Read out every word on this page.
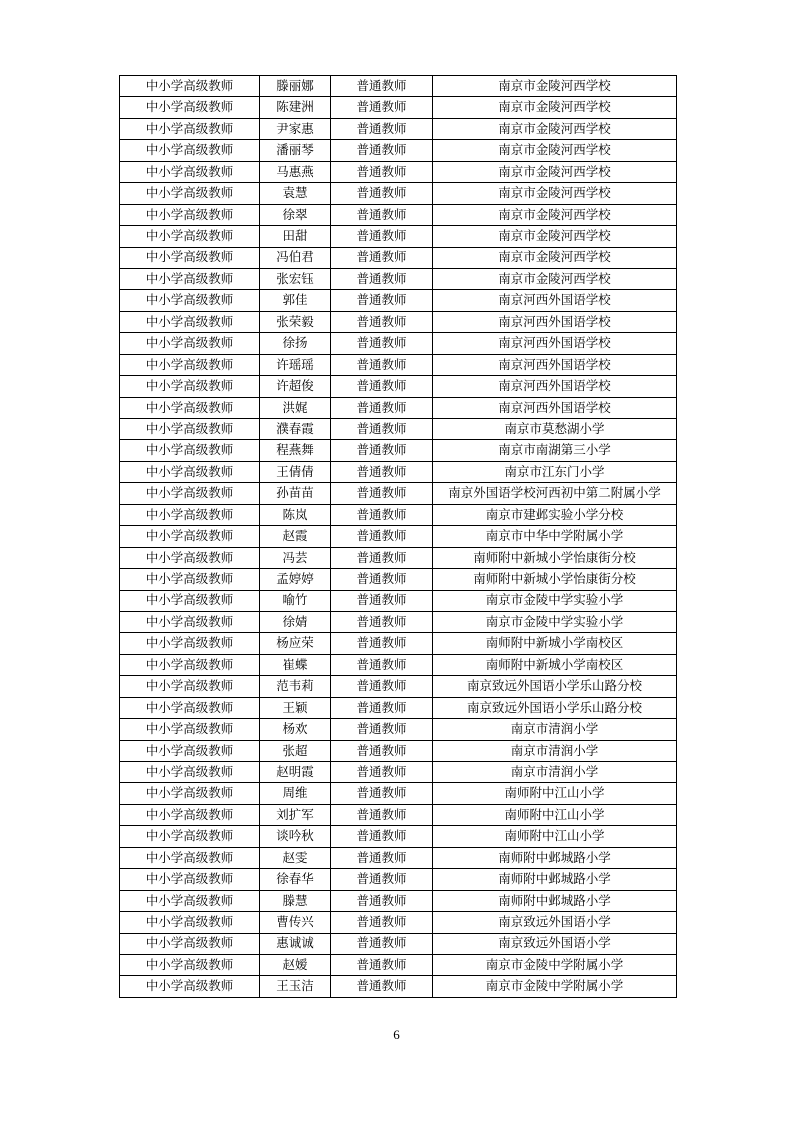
中小学高级教师	滕丽娜	普通教师	南京市金陵河西学校
中小学高级教师	陈建洲	普通教师	南京市金陵河西学校
中小学高级教师	尹家惠	普通教师	南京市金陵河西学校
中小学高级教师	潘丽琴	普通教师	南京市金陵河西学校
中小学高级教师	马惠燕	普通教师	南京市金陵河西学校
中小学高级教师	袁慧	普通教师	南京市金陵河西学校
中小学高级教师	徐翠	普通教师	南京市金陵河西学校
中小学高级教师	田甜	普通教师	南京市金陵河西学校
中小学高级教师	冯伯君	普通教师	南京市金陵河西学校
中小学高级教师	张宏钰	普通教师	南京市金陵河西学校
中小学高级教师	郭佳	普通教师	南京河西外国语学校
中小学高级教师	张荣毅	普通教师	南京河西外国语学校
中小学高级教师	徐扬	普通教师	南京河西外国语学校
中小学高级教师	许瑶瑶	普通教师	南京河西外国语学校
中小学高级教师	许超俊	普通教师	南京河西外国语学校
中小学高级教师	洪娓	普通教师	南京河西外国语学校
中小学高级教师	濮春霞	普通教师	南京市莫愁湖小学
中小学高级教师	程燕舞	普通教师	南京市南湖第三小学
中小学高级教师	王倩倩	普通教师	南京市江东门小学
中小学高级教师	孙苗苗	普通教师	南京外国语学校河西初中第二附属小学
中小学高级教师	陈岚	普通教师	南京市建邺实验小学分校
中小学高级教师	赵霞	普通教师	南京市中华中学附属小学
中小学高级教师	冯芸	普通教师	南师附中新城小学怡康街分校
中小学高级教师	孟婷婷	普通教师	南师附中新城小学怡康街分校
中小学高级教师	喻竹	普通教师	南京市金陵中学实验小学
中小学高级教师	徐婧	普通教师	南京市金陵中学实验小学
中小学高级教师	杨应荣	普通教师	南师附中新城小学南校区
中小学高级教师	崔蝶	普通教师	南师附中新城小学南校区
中小学高级教师	范韦莉	普通教师	南京致远外国语小学乐山路分校
中小学高级教师	王颖	普通教师	南京致远外国语小学乐山路分校
中小学高级教师	杨欢	普通教师	南京市清润小学
中小学高级教师	张超	普通教师	南京市清润小学
中小学高级教师	赵明霞	普通教师	南京市清润小学
中小学高级教师	周维	普通教师	南师附中江山小学
中小学高级教师	刘扩军	普通教师	南师附中江山小学
中小学高级教师	谈吟秋	普通教师	南师附中江山小学
中小学高级教师	赵雯	普通教师	南师附中邺城路小学
中小学高级教师	徐春华	普通教师	南师附中邺城路小学
中小学高级教师	滕慧	普通教师	南师附中邺城路小学
中小学高级教师	曹传兴	普通教师	南京致远外国语小学
中小学高级教师	惠诚诚	普通教师	南京致远外国语小学
中小学高级教师	赵嫒	普通教师	南京市金陵中学附属小学
中小学高级教师	王玉洁	普通教师	南京市金陵中学附属小学
6
